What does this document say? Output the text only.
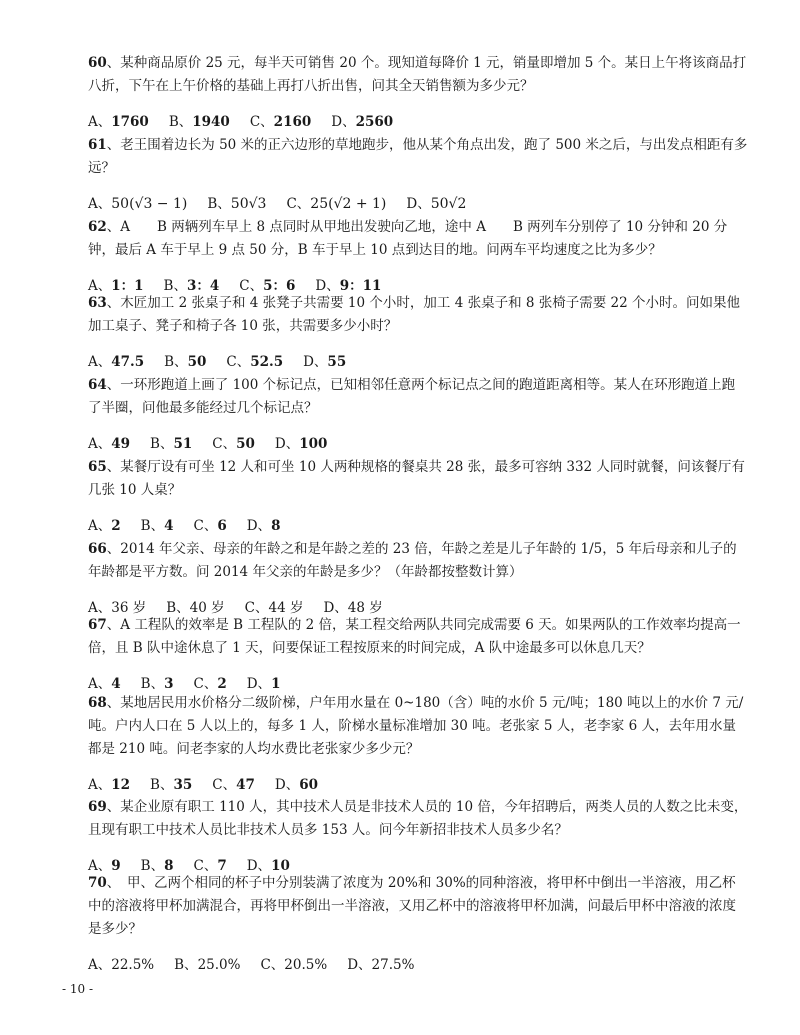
60、某种商品原价 25 元，每半天可销售 20 个。现知道每降价 1 元，销量即增加 5 个。某日上午将该商品打八折，下午在上午价格的基础上再打八折出售，问其全天销售额为多少元？

A、1760 B、1940 C、2160 D、2560

61、老王围着边长为 50 米的正六边形的草地跑步，他从某个角点出发，跑了 500 米之后，与出发点相距有多远？

A、50(√3 − 1) B、50√3 C、25(√2 + 1) D、50√2

62、A　　B 两辆列车早上 8 点同时从甲地出发驶向乙地，途中 A　　B 两列车分别停了 10 分钟和 20 分钟，最后 A 车于早上 9 点 50 分，B 车于早上 10 点到达目的地。问两车平均速度之比为多少？

A、1：1 B、3：4 C、5：6 D、9：11

63、木匠加工 2 张桌子和 4 张凳子共需要 10 个小时，加工 4 张桌子和 8 张椅子需要 22 个小时。问如果他加工桌子、凳子和椅子各 10 张，共需要多少小时？

A、47.5 B、50 C、52.5 D、55

64、一环形跑道上画了 100 个标记点，已知相邻任意两个标记点之间的跑道距离相等。某人在环形跑道上跑了半圈，问他最多能经过几个标记点？

A、49 B、51 C、50 D、100

65、某餐厅设有可坐 12 人和可坐 10 人两种规格的餐桌共 28 张，最多可容纳 332 人同时就餐，问该餐厅有几张 10 人桌？

A、2 B、4 C、6 D、8

66、2014 年父亲、母亲的年龄之和是年龄之差的 23 倍，年龄之差是儿子年龄的 1/5，5 年后母亲和儿子的年龄都是平方数。问 2014 年父亲的年龄是多少？（年龄都按整数计算）

A、36 岁 B、40 岁 C、44 岁 D、48 岁

67、A 工程队的效率是 B 工程队的 2 倍，某工程交给两队共同完成需要 6 天。如果两队的工作效率均提高一倍，且 B 队中途休息了 1 天，问要保证工程按原来的时间完成，A 队中途最多可以休息几天？

A、4 B、3 C、2 D、1

68、某地居民用水价格分二级阶梯，户年用水量在 0~180（含）吨的水价 5 元/吨；180 吨以上的水价 7 元/吨。户内人口在 5 人以上的，每多 1 人，阶梯水量标准增加 30 吨。老张家 5 人，老李家 6 人，去年用水量都是 210 吨。问老李家的人均水费比老张家少多少元？

A、12 B、35 C、47 D、60

69、某企业原有职工 110 人，其中技术人员是非技术人员的 10 倍，今年招聘后，两类人员的人数之比未变，且现有职工中技术人员比非技术人员多 153 人。问今年新招非技术人员多少名？

A、9 B、8 C、7 D、10

70、　甲、乙两个相同的杯子中分别装满了浓度为 20%和 30%的同种溶液，将甲杯中倒出一半溶液，用乙杯中的溶液将甲杯加满混合，再将甲杯倒出一半溶液，又用乙杯中的溶液将甲杯加满，问最后甲杯中溶液的浓度是多少？

A、22.5% B、25.0% C、20.5% D、27.5%
- 10 -
